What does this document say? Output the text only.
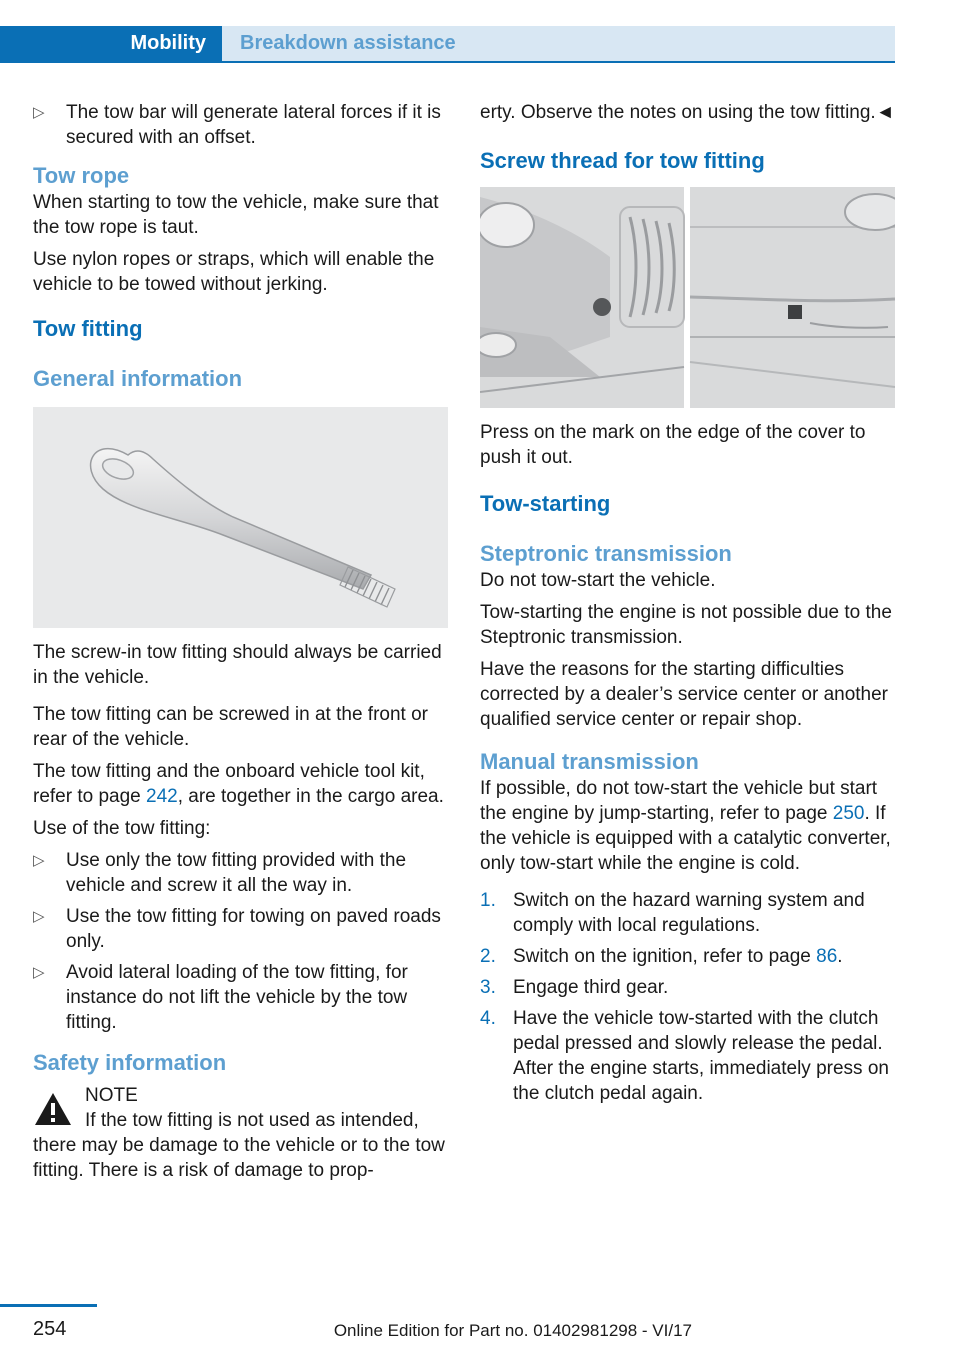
Mobility	Breakdown assistance
▷ The tow bar will generate lateral forces if it is secured with an offset.
Tow rope

When starting to tow the vehicle, make sure that the tow rope is taut.

Use nylon ropes or straps, which will enable the vehicle to be towed without jerking.

Tow fitting
General information

The screw-in tow fitting should always be carried in the vehicle.

The tow fitting can be screwed in at the front or rear of the vehicle.

The tow fitting and the onboard vehicle tool kit, refer to page 242, are together in the cargo area.

Use of the tow fitting:

▷ Use only the tow fitting provided with the vehicle and screw it all the way in.
▷ Use the tow fitting for towing on paved roads only.
▷ Avoid lateral loading of the tow fitting, for instance do not lift the vehicle by the tow fitting.
Safety information
NOTE
If the tow fitting is not used as intended, there may be damage to the vehicle or to the tow fitting. There is a risk of damage to prop-

erty. Observe the notes on using the tow fitting.◄

Screw thread for tow fitting

Press on the mark on the edge of the cover to push it out.

Tow-starting
Steptronic transmission

Do not tow-start the vehicle.

Tow-starting the engine is not possible due to the Steptronic transmission.

Have the reasons for the starting difficulties corrected by a dealer’s service center or another qualified service center or repair shop.

Manual transmission

If possible, do not tow-start the vehicle but start the engine by jump-starting, refer to page 250. If the vehicle is equipped with a catalytic converter, only tow-start while the engine is cold.

1. Switch on the hazard warning system and comply with local regulations.
2. Switch on the ignition, refer to page 86.
3. Engage third gear.
4. Have the vehicle tow-started with the clutch pedal pressed and slowly release the pedal. After the engine starts, immediately press on the clutch pedal again.
254	Online Edition for Part no. 01402981298 - VI/17
